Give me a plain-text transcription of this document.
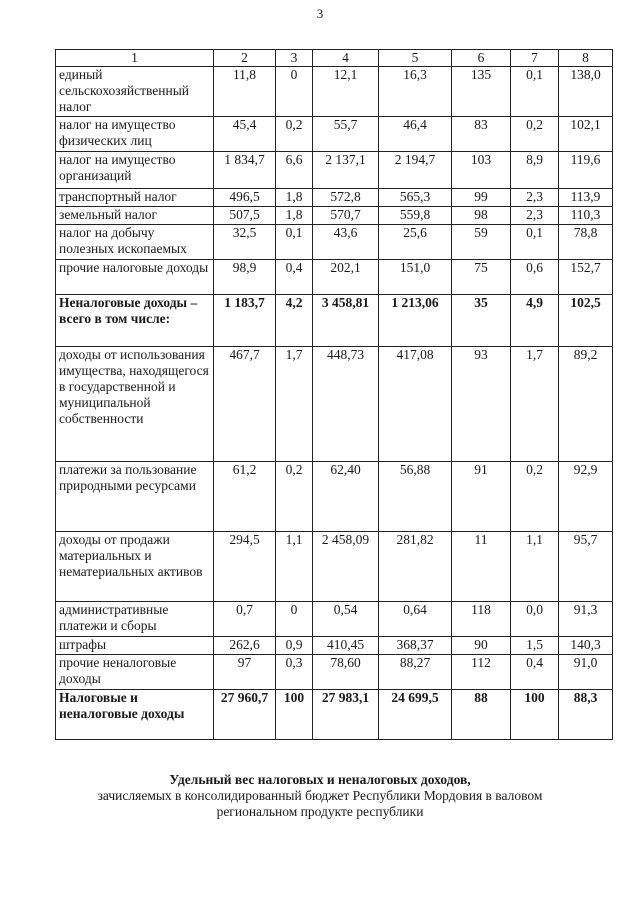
3
1	2	3	4	5	6	7	8
единый сельскохозяйственный налог	11,8	0	12,1	16,3	135	0,1	138,0
налог на имущество физических лиц	45,4	0,2	55,7	46,4	83	0,2	102,1
налог на имущество организаций	1 834,7	6,6	2 137,1	2 194,7	103	8,9	119,6
транспортный налог	496,5	1,8	572,8	565,3	99	2,3	113,9
земельный налог	507,5	1,8	570,7	559,8	98	2,3	110,3
налог на добычу полезных ископаемых	32,5	0,1	43,6	25,6	59	0,1	78,8
прочие налоговые доходы	98,9	0,4	202,1	151,0	75	0,6	152,7
Неналоговые доходы – всего в том числе:	1 183,7	4,2	3 458,81	1 213,06	35	4,9	102,5
доходы от использования имущества, находящегося в государственной и муниципальной собственности	467,7	1,7	448,73	417,08	93	1,7	89,2
платежи за пользование природными ресурсами	61,2	0,2	62,40	56,88	91	0,2	92,9
доходы от продажи материальных и нематериальных активов	294,5	1,1	2 458,09	281,82	11	1,1	95,7
административные платежи и сборы	0,7	0	0,54	0,64	118	0,0	91,3
штрафы	262,6	0,9	410,45	368,37	90	1,5	140,3
прочие неналоговые доходы	97	0,3	78,60	88,27	112	0,4	91,0
Налоговые и неналоговые доходы	27 960,7	100	27 983,1	24 699,5	88	100	88,3
Удельный вес налоговых и неналоговых доходов,
зачисляемых в консолидированный бюджет Республики Мордовия в валовом
региональном продукте республики
